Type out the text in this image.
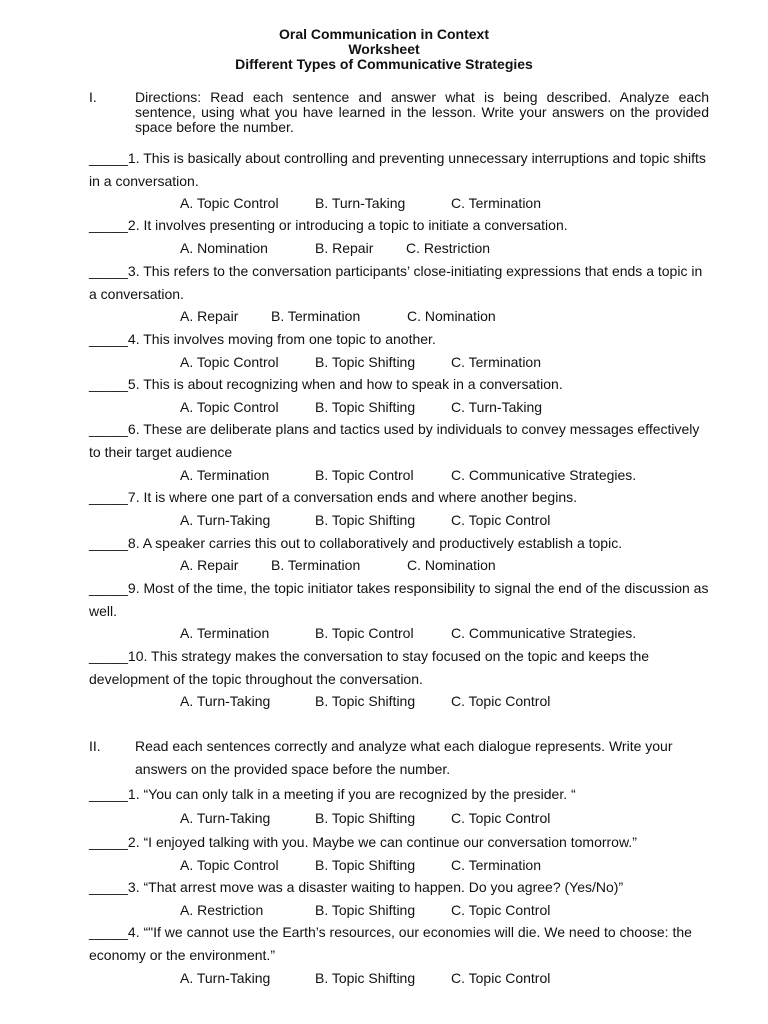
Oral Communication in Context
Worksheet
Different Types of Communicative Strategies
I.	Directions: Read each sentence and answer what is being described. Analyze each sentence, using what you have learned in the lesson. Write your answers on the provided space before the number.
_____1. This is basically about controlling and preventing unnecessary interruptions and topic shifts in a conversation.
A. Topic Control	B. Turn-Taking	C. Termination
_____2. It involves presenting or introducing a topic to initiate a conversation.
A. Nomination	B. Repair C. Restriction
_____3. This refers to the conversation participants’ close-initiating expressions that ends a topic in a conversation.
A. Repair B. Termination	C. Nomination
_____4. This involves moving from one topic to another.
A. Topic Control	B. Topic Shifting	C. Termination
_____5. This is about recognizing when and how to speak in a conversation.
A. Topic Control	B. Topic Shifting	C. Turn-Taking
_____6. These are deliberate plans and tactics used by individuals to convey messages effectively to their target audience
A. Termination	B. Topic Control	C. Communicative Strategies.
_____7. It is where one part of a conversation ends and where another begins.
A. Turn-Taking	B. Topic Shifting	C. Topic Control
_____8. A speaker carries this out to collaboratively and productively establish a topic.
A. Repair B. Termination	C. Nomination
_____9. Most of the time, the topic initiator takes responsibility to signal the end of the discussion as well.
A. Termination	B. Topic Control	C. Communicative Strategies.
_____10. This strategy makes the conversation to stay focused on the topic and keeps the development of the topic throughout the conversation.
A. Turn-Taking	B. Topic Shifting	C. Topic Control
II. Read each sentences correctly and analyze what each dialogue represents. Write your answers on the provided space before the number.
_____1. “You can only talk in a meeting if you are recognized by the presider. “
A. Turn-Taking	B. Topic Shifting	C. Topic Control
_____2. “I enjoyed talking with you. Maybe we can continue our conversation tomorrow.”
A. Topic Control	B. Topic Shifting	C. Termination
_____3. “That arrest move was a disaster waiting to happen. Do you agree? (Yes/No)”
A. Restriction	B. Topic Shifting	C. Topic Control
_____4. “"If we cannot use the Earth’s resources, our economies will die. We need to choose: the economy or the environment.”
A. Turn-Taking	B. Topic Shifting	C. Topic Control
